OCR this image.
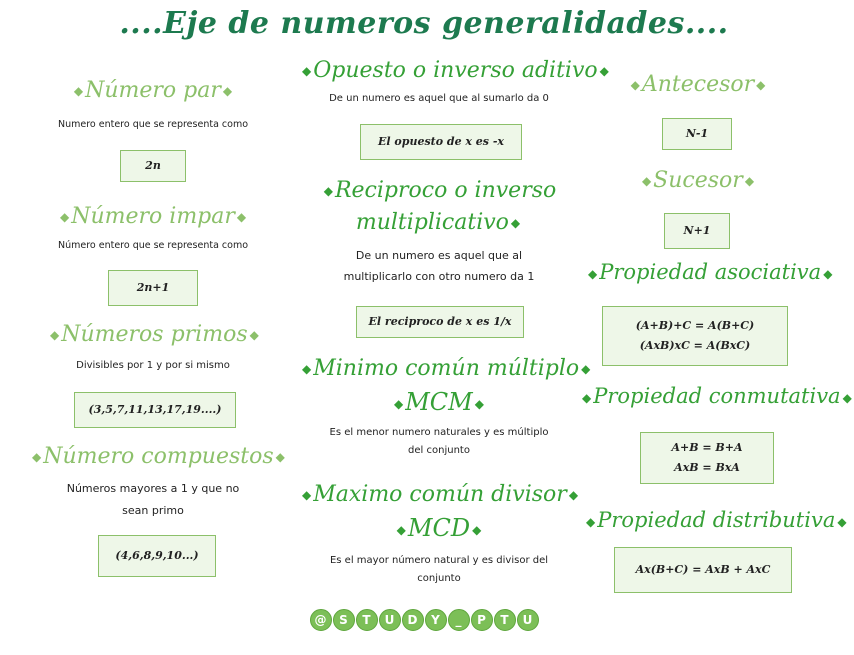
....Eje de numeros generalidades....
◆Número par ◆
Numero entero que se representa como
2n
◆Número impar ◆
Número entero que se representa como
2n+1
◆Números primos ◆
Divisibles por 1 y por si mismo
(3,5,7,11,13,17,19....)
◆Número compuestos ◆
Números mayores a 1 y que no
sean primo
(4,6,8,9,10...)
◆Opuesto o inverso aditivo ◆
De un numero es aquel que al sumarlo da 0
El opuesto de x es -x
◆Reciproco o inverso
multiplicativo ◆
De un numero es aquel que al
multiplicarlo con otro numero da 1
El reciproco de x es 1/x
◆Minimo común múltiplo ◆
◆MCM ◆
Es el menor numero naturales y es múltiplo
del conjunto
◆Maximo común divisor ◆
◆MCD ◆
Es el mayor número natural y es divisor del
conjunto
◆Antecesor ◆
N-1
◆Sucesor ◆
N+1
◆Propiedad asociativa ◆
(A+B)+C = A(B+C)
(AxB)xC = A(BxC)
◆Propiedad conmutativa ◆
A+B = B+A
AxB = BxA
◆Propiedad distributiva ◆
Ax(B+C) = AxB + AxC
@	S	T	U	D	Y	_	P	T	U
